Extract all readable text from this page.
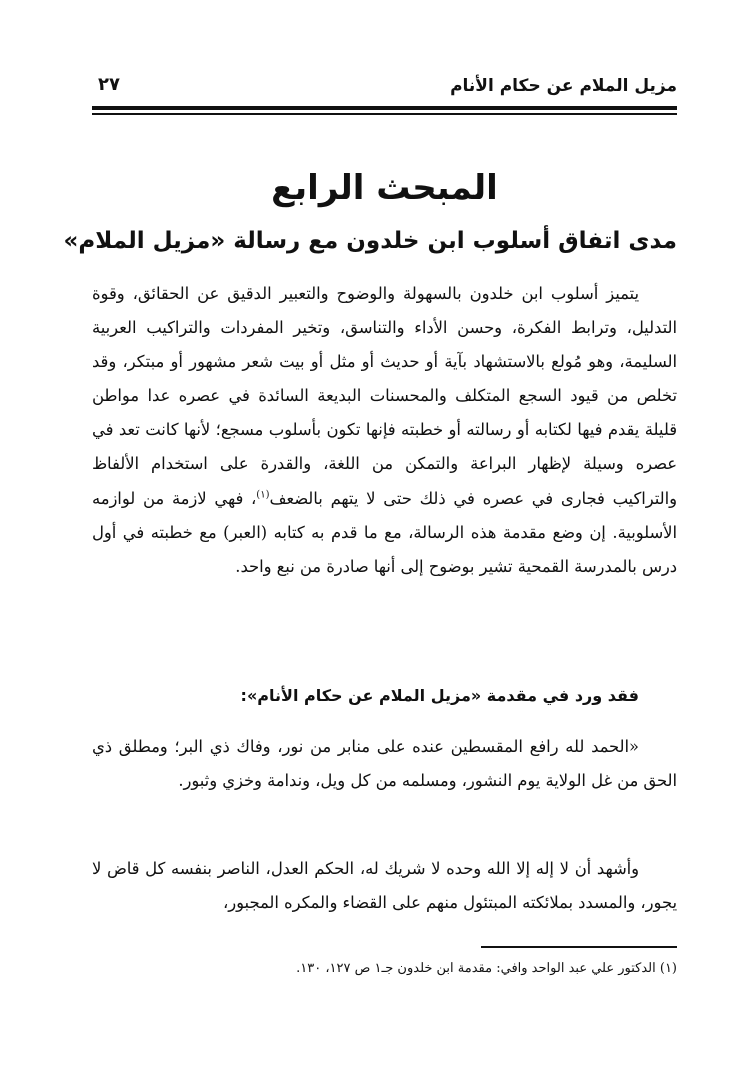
مزيل الملام عن حكام الأنام
٢٧
المبحث الرابع
مدى اتفاق أسلوب ابن خلدون مع رسالة «مزيل الملام»
يتميز أسلوب ابن خلدون بالسهولة والوضوح والتعبير الدقيق عن الحقائق، وقوة التدليل، وترابط الفكرة، وحسن الأداء والتناسق، وتخير المفردات والتراكيب العربية السليمة، وهو مُولع بالاستشهاد بآية أو حديث أو مثل أو بيت شعر مشهور أو مبتكر، وقد تخلص من قيود السجع المتكلف والمحسنات البديعة السائدة في عصره عدا مواطن قليلة يقدم فيها لكتابه أو رسالته أو خطبته فإنها تكون بأسلوب مسجع؛ لأنها كانت تعد في عصره وسيلة لإظهار البراعة والتمكن من اللغة، والقدرة على استخدام الألفاظ والتراكيب فجارى في عصره في ذلك حتى لا يتهم بالضعف$^{(١)}$، فهي لازمة من لوازمه الأسلوبية. إن وضع مقدمة هذه الرسالة، مع ما قدم به كتابه (العبر) مع خطبته في أول درس بالمدرسة القمحية تشير بوضوح إلى أنها صادرة من نبع واحد.
فقد ورد في مقدمة «مزيل الملام عن حكام الأنام»:
«الحمد لله رافع المقسطين عنده على منابر من نور، وفاك ذي البر؛ ومطلق ذي الحق من غل الولاية يوم النشور، ومسلمه من كل ويل، وندامة وخزي وثبور.
وأشهد أن لا إله إلا الله وحده لا شريك له، الحكم العدل، الناصر بنفسه كل قاض لا يجور، والمسدد بملائكته المبتئول منهم على القضاء والمكره المجبور،
(١) الدكتور علي عبد الواحد وافي: مقدمة ابن خلدون جـ١ ص ١٢٧، ١٣٠.
